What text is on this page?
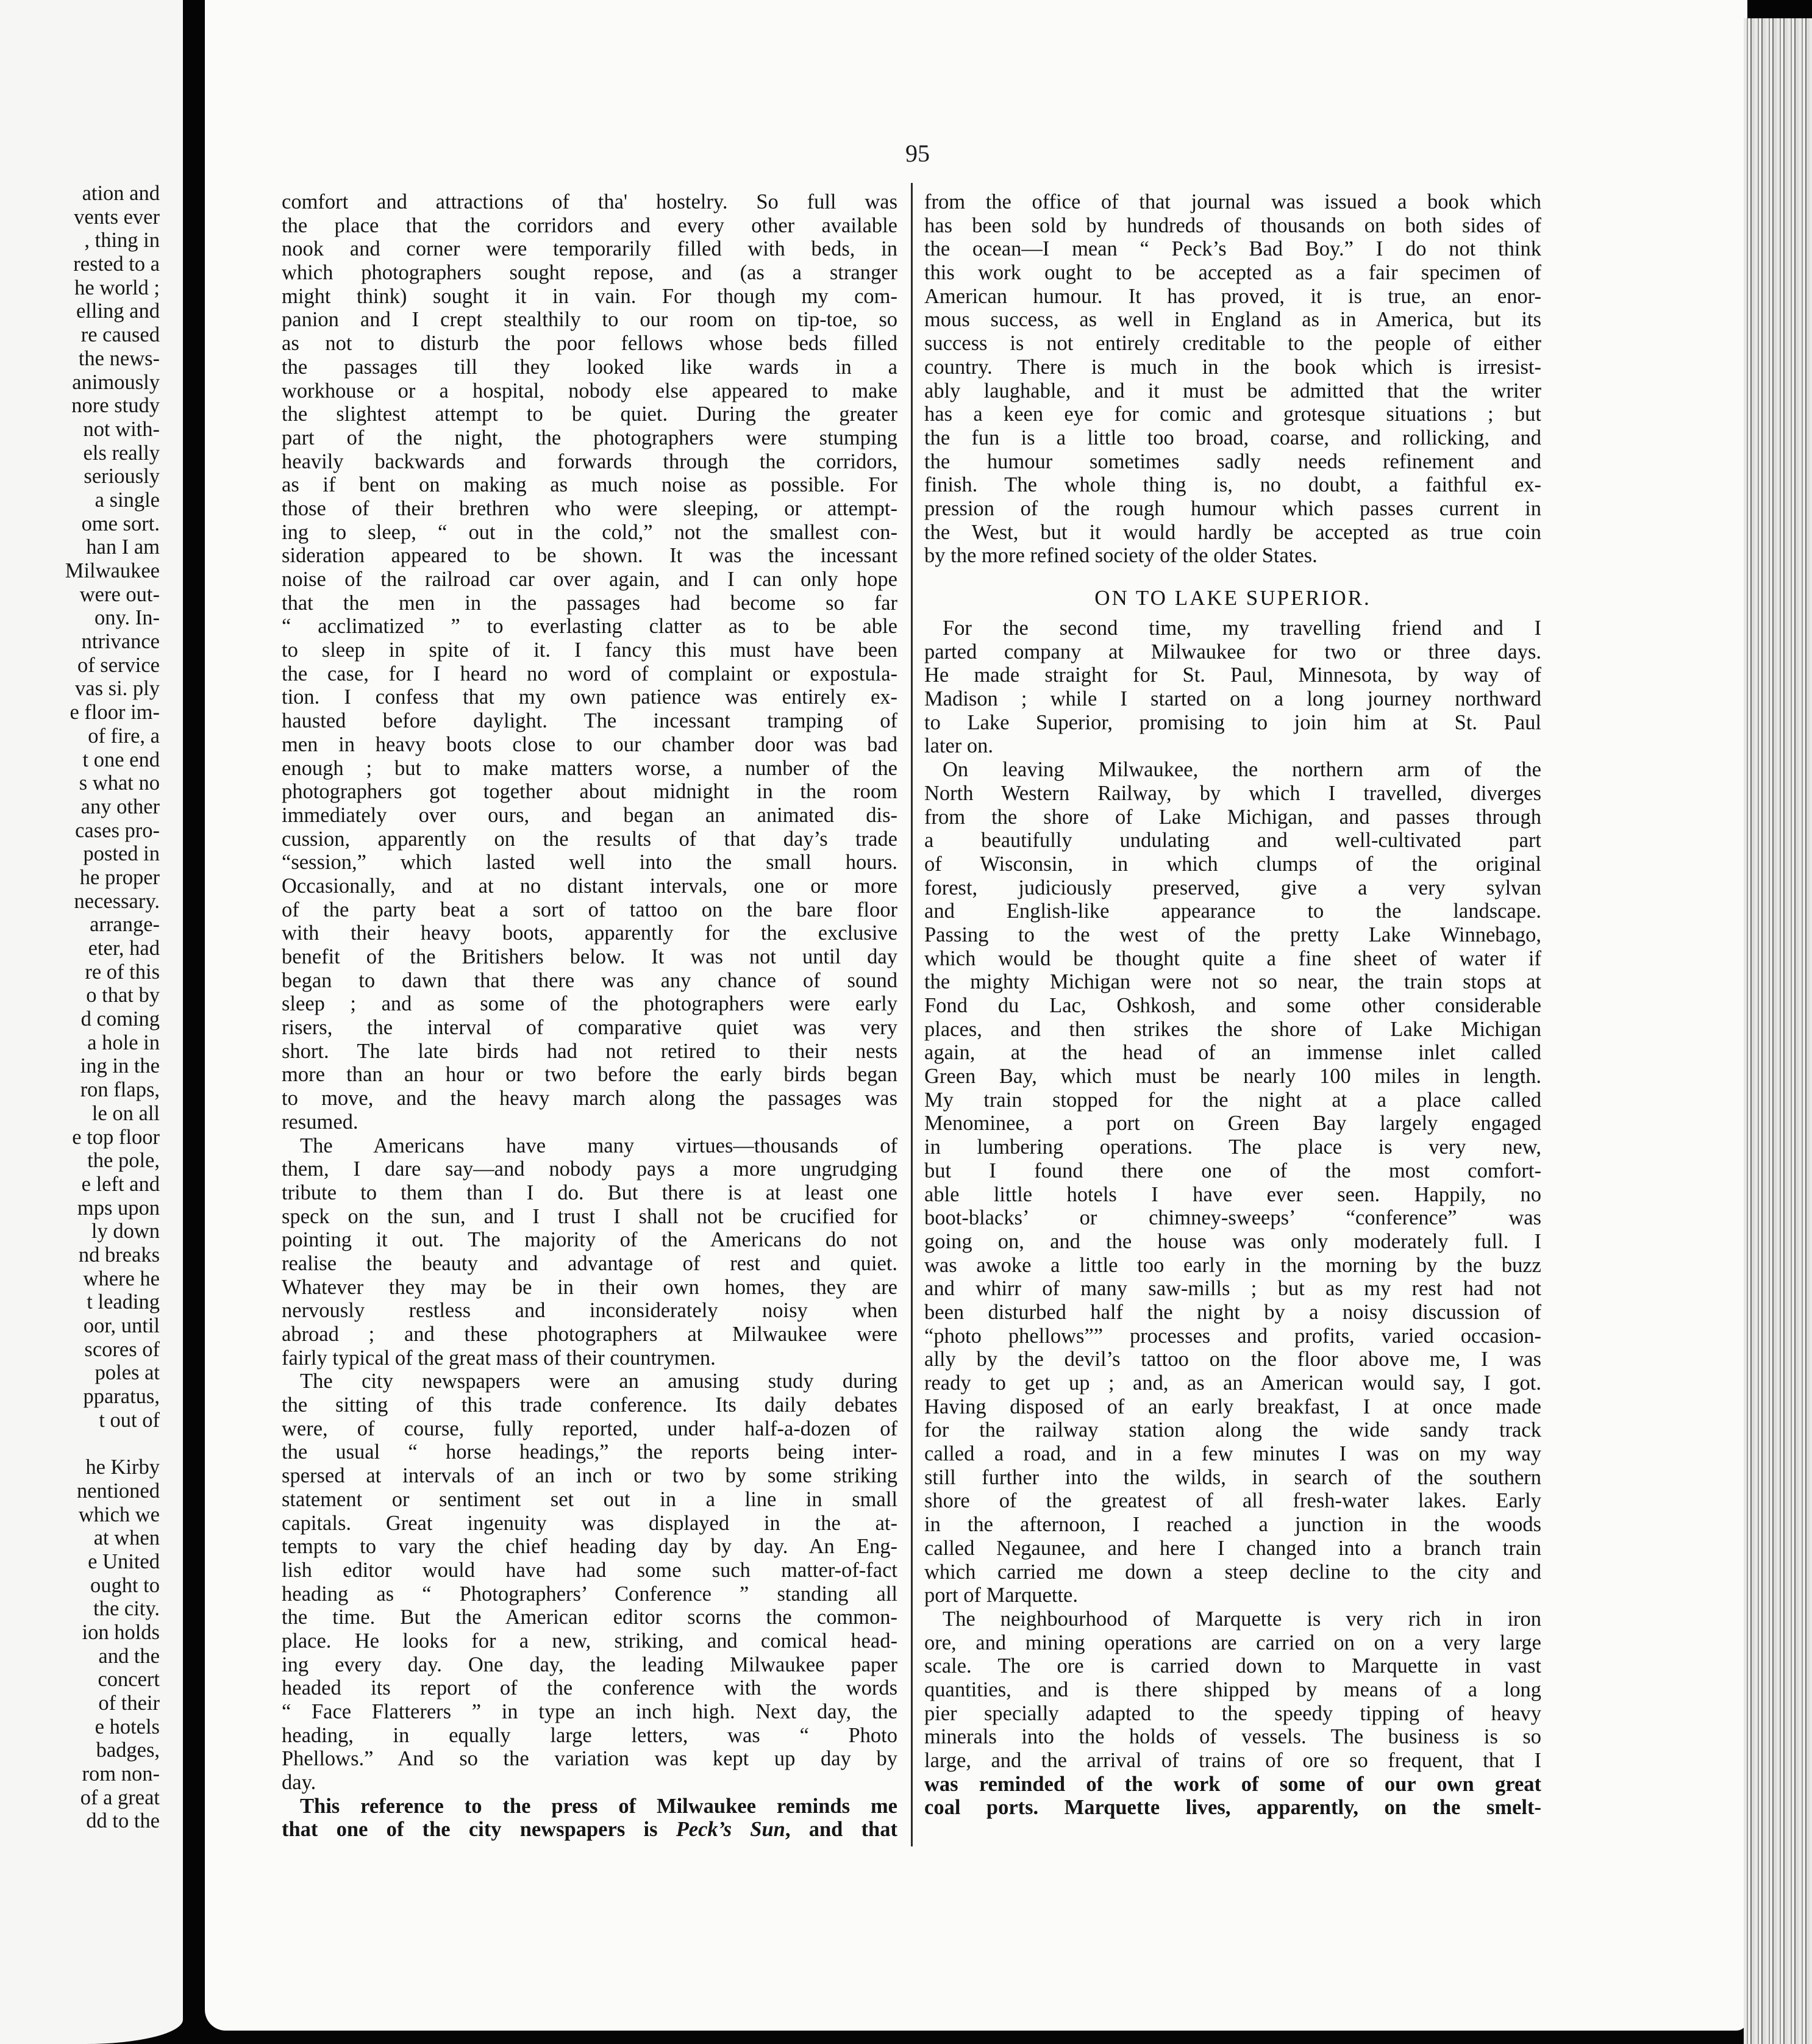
ation and
vents ever
, thing in
rested to a
he world ;
elling and
re caused
the news-
animously
nore study
not with-
els really
seriously
a single
ome sort.
han I am
Milwaukee
were out-
ony. In-
ntrivance
of service
vas si. ply
e floor im-
of fire, a
t one end
s what no
any other
cases pro-
posted in
he proper
necessary.
arrange-
eter, had
re of this
o that by
d coming
a hole in
ing in the
ron flaps,
le on all
e top floor
the pole,
e left and
mps upon
ly down
nd breaks
where he
t leading
oor, until
scores of
poles at
pparatus,
t out of
he Kirby
nentioned
which we
at when
e United
ought to
the city.
ion holds
and the
concert
of their
e hotels
badges,
rom non-
of a great
dd to the
95
comfort and attractions of tha' hostelry. So full was
the place that the corridors and every other available
nook and corner were temporarily filled with beds, in
which photographers sought repose, and (as a stranger
might think) sought it in vain. For though my com-
panion and I crept stealthily to our room on tip-toe, so
as not to disturb the poor fellows whose beds filled
the passages till they looked like wards in a
workhouse or a hospital, nobody else appeared to make
the slightest attempt to be quiet. During the greater
part of the night, the photographers were stumping
heavily backwards and forwards through the corridors,
as if bent on making as much noise as possible. For
those of their brethren who were sleeping, or attempt-
ing to sleep, “ out in the cold,” not the smallest con-
sideration appeared to be shown. It was the incessant
noise of the railroad car over again, and I can only hope
that the men in the passages had become so far
“ acclimatized ” to everlasting clatter as to be able
to sleep in spite of it. I fancy this must have been
the case, for I heard no word of complaint or expostula-
tion. I confess that my own patience was entirely ex-
hausted before daylight. The incessant tramping of
men in heavy boots close to our chamber door was bad
enough ; but to make matters worse, a number of the
photographers got together about midnight in the room
immediately over ours, and began an animated dis-
cussion, apparently on the results of that day’s trade
“session,” which lasted well into the small hours.
Occasionally, and at no distant intervals, one or more
of the party beat a sort of tattoo on the bare floor
with their heavy boots, apparently for the exclusive
benefit of the Britishers below. It was not until day
began to dawn that there was any chance of sound
sleep ; and as some of the photographers were early
risers, the interval of comparative quiet was very
short. The late birds had not retired to their nests
more than an hour or two before the early birds began
to move, and the heavy march along the passages was
resumed.
The Americans have many virtues—thousands of
them, I dare say—and nobody pays a more ungrudging
tribute to them than I do. But there is at least one
speck on the sun, and I trust I shall not be crucified for
pointing it out. The majority of the Americans do not
realise the beauty and advantage of rest and quiet.
Whatever they may be in their own homes, they are
nervously restless and inconsiderately noisy when
abroad ; and these photographers at Milwaukee were
fairly typical of the great mass of their countrymen.
The city newspapers were an amusing study during
the sitting of this trade conference. Its daily debates
were, of course, fully reported, under half-a-dozen of
the usual “ horse headings,” the reports being inter-
spersed at intervals of an inch or two by some striking
statement or sentiment set out in a line in small
capitals. Great ingenuity was displayed in the at-
tempts to vary the chief heading day by day. An Eng-
lish editor would have had some such matter-of-fact
heading as “ Photographers’ Conference ” standing all
the time. But the American editor scorns the common-
place. He looks for a new, striking, and comical head-
ing every day. One day, the leading Milwaukee paper
headed its report of the conference with the words
“ Face Flatterers ” in type an inch high. Next day, the
heading, in equally large letters, was “ Photo
Phellows.” And so the variation was kept up day by
day.
This reference to the press of Milwaukee reminds me
that one of the city newspapers is Peck’s Sun, and that
from the office of that journal was issued a book which
has been sold by hundreds of thousands on both sides of
the ocean—I mean “ Peck’s Bad Boy.” I do not think
this work ought to be accepted as a fair specimen of
American humour. It has proved, it is true, an enor-
mous success, as well in England as in America, but its
success is not entirely creditable to the people of either
country. There is much in the book which is irresist-
ably laughable, and it must be admitted that the writer
has a keen eye for comic and grotesque situations ; but
the fun is a little too broad, coarse, and rollicking, and
the humour sometimes sadly needs refinement and
finish. The whole thing is, no doubt, a faithful ex-
pression of the rough humour which passes current in
the West, but it would hardly be accepted as true coin
by the more refined society of the older States.
ON TO LAKE SUPERIOR.
For the second time, my travelling friend and I
parted company at Milwaukee for two or three days.
He made straight for St. Paul, Minnesota, by way of
Madison ; while I started on a long journey northward
to Lake Superior, promising to join him at St. Paul
later on.
On leaving Milwaukee, the northern arm of the
North Western Railway, by which I travelled, diverges
from the shore of Lake Michigan, and passes through
a beautifully undulating and well-cultivated part
of Wisconsin, in which clumps of the original
forest, judiciously preserved, give a very sylvan
and English-like appearance to the landscape.
Passing to the west of the pretty Lake Winnebago,
which would be thought quite a fine sheet of water if
the mighty Michigan were not so near, the train stops at
Fond du Lac, Oshkosh, and some other considerable
places, and then strikes the shore of Lake Michigan
again, at the head of an immense inlet called
Green Bay, which must be nearly 100 miles in length.
My train stopped for the night at a place called
Menominee, a port on Green Bay largely engaged
in lumbering operations. The place is very new,
but I found there one of the most comfort-
able little hotels I have ever seen. Happily, no
boot-blacks’ or chimney-sweeps’ “conference” was
going on, and the house was only moderately full. I
was awoke a little too early in the morning by the buzz
and whirr of many saw-mills ; but as my rest had not
been disturbed half the night by a noisy discussion of
“photo phellows”” processes and profits, varied occasion-
ally by the devil’s tattoo on the floor above me, I was
ready to get up ; and, as an American would say, I got.
Having disposed of an early breakfast, I at once made
for the railway station along the wide sandy track
called a road, and in a few minutes I was on my way
still further into the wilds, in search of the southern
shore of the greatest of all fresh-water lakes. Early
in the afternoon, I reached a junction in the woods
called Negaunee, and here I changed into a branch train
which carried me down a steep decline to the city and
port of Marquette.
The neighbourhood of Marquette is very rich in iron
ore, and mining operations are carried on on a very large
scale. The ore is carried down to Marquette in vast
quantities, and is there shipped by means of a long
pier specially adapted to the speedy tipping of heavy
minerals into the holds of vessels. The business is so
large, and the arrival of trains of ore so frequent, that I
was reminded of the work of some of our own great
coal ports. Marquette lives, apparently, on the smelt-
